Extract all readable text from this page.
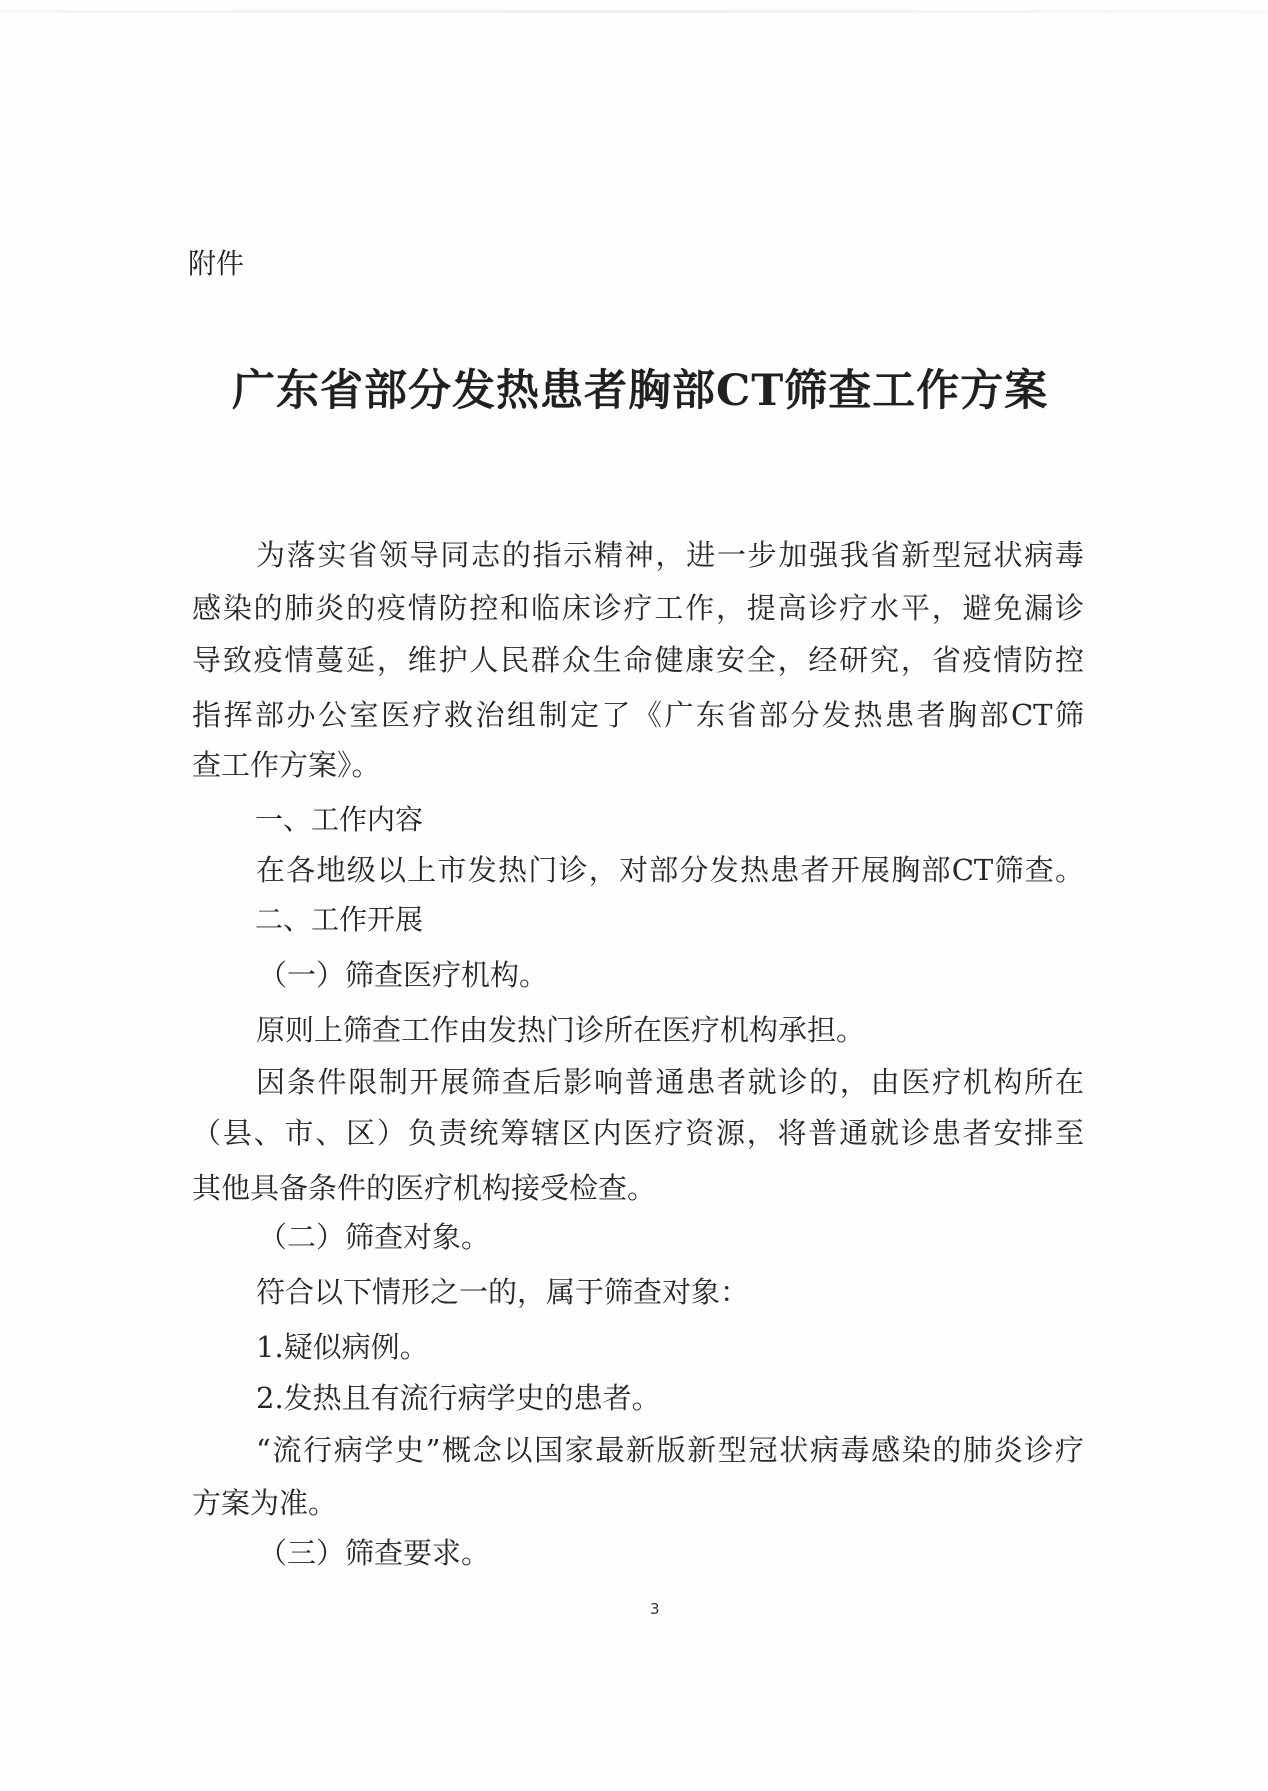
附件
广东省部分发热患者胸部CT筛查工作方案
为落实省领导同志的指示精神，进一步加强我省新型冠状病毒
感染的肺炎的疫情防控和临床诊疗工作，提高诊疗水平，避免漏诊
导致疫情蔓延，维护人民群众生命健康安全，经研究，省疫情防控
指挥部办公室医疗救治组制定了《广东省部分发热患者胸部CT筛
查工作方案》。
一、工作内容
在各地级以上市发热门诊，对部分发热患者开展胸部CT筛查。
二、工作开展
（一）筛查医疗机构。
原则上筛查工作由发热门诊所在医疗机构承担。
因条件限制开展筛查后影响普通患者就诊的，由医疗机构所在
（县、市、区）负责统筹辖区内医疗资源，将普通就诊患者安排至
其他具备条件的医疗机构接受检查。
（二）筛查对象。
符合以下情形之一的，属于筛查对象：
1.疑似病例。
2.发热且有流行病学史的患者。
“流行病学史”概念以国家最新版新型冠状病毒感染的肺炎诊疗
方案为准。
（三）筛查要求。
3
